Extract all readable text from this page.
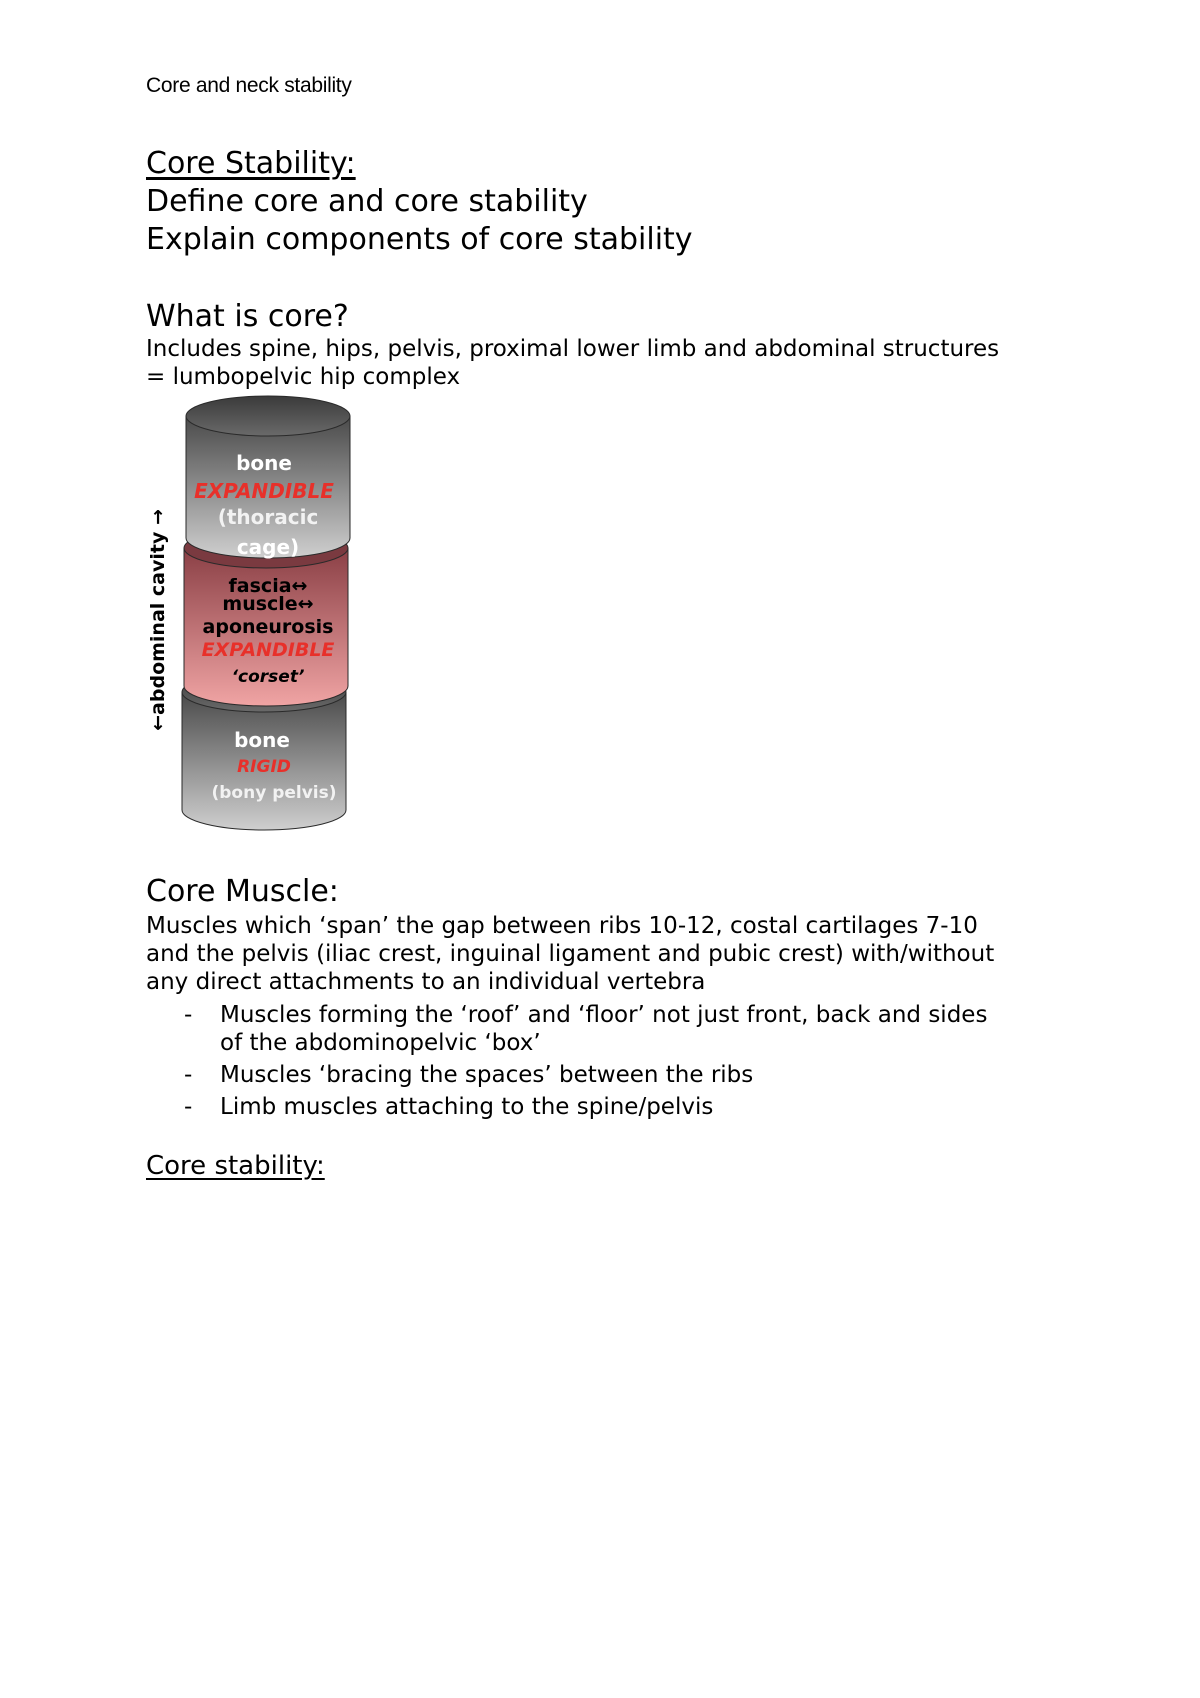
Core and neck stability
Core Stability:
Define core and core stability
Explain components of core stability
What is core?
Includes spine, hips, pelvis, proximal lower limb and abdominal structures
= lumbopelvic hip complex
←abdominal cavity →
bone
EXPANDIBLE
(thoracic
cage)
fascia↔
muscle↔
aponeurosis
EXPANDIBLE
‘corset’
bone
RIGID
(bony pelvis)
Core Muscle:
Muscles which ‘span’ the gap between ribs 10-12, costal cartilages 7-10
and the pelvis (iliac crest, inguinal ligament and pubic crest) with/without
any direct attachments to an individual vertebra
- Muscles forming the ‘roof’ and ‘floor’ not just front, back and sides
of the abdominopelvic ‘box’
- Muscles ‘bracing the spaces’ between the ribs
- Limb muscles attaching to the spine/pelvis
Core stability:
